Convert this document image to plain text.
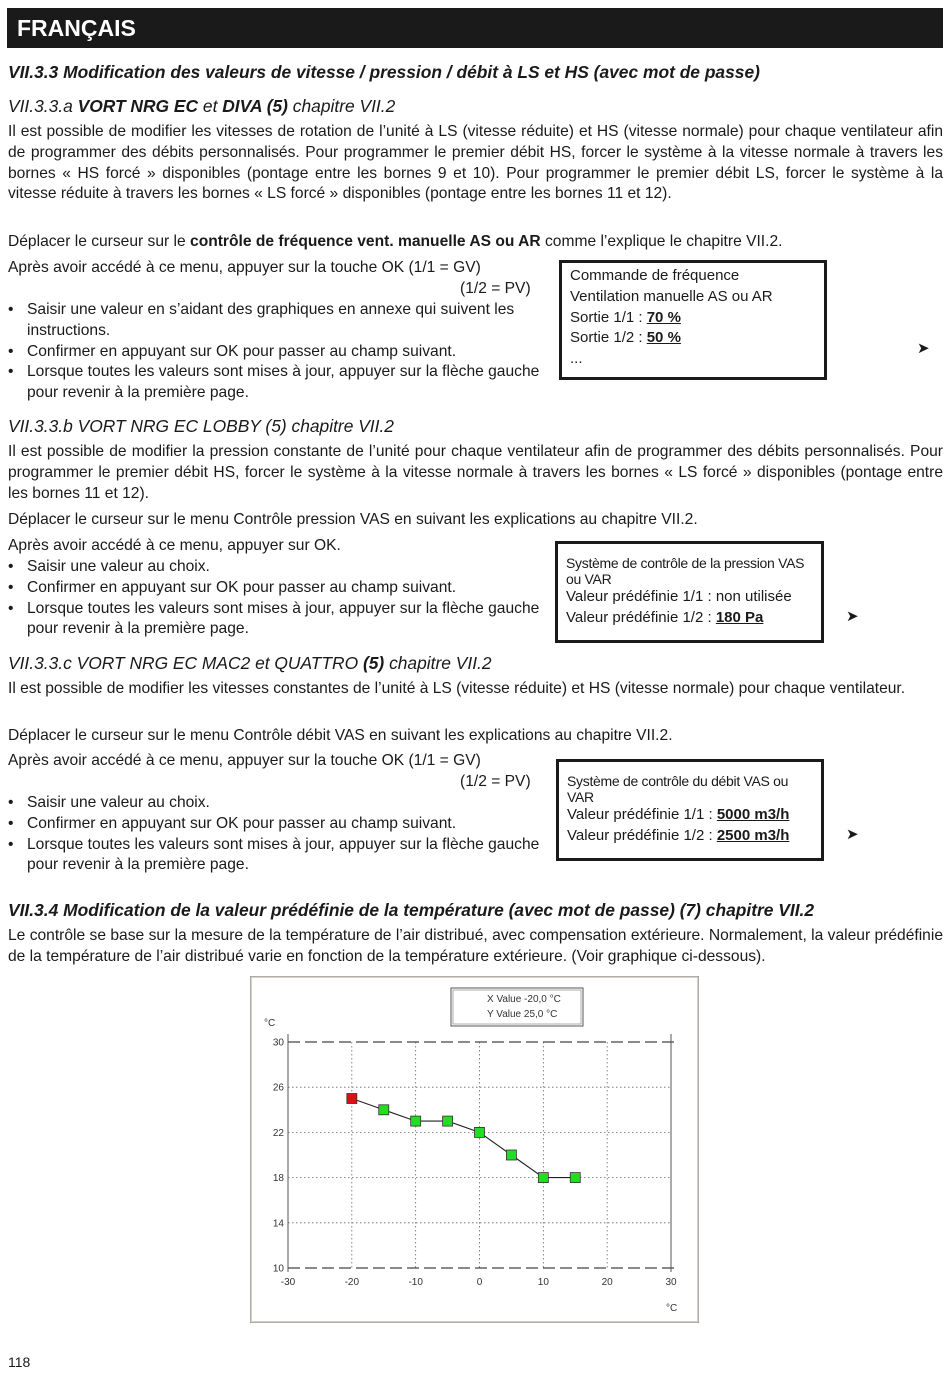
FRANÇAIS
VII.3.3 Modification des valeurs de vitesse / pression / débit à LS et HS (avec mot de passe)
VII.3.3.a VORT NRG EC et DIVA (5) chapitre VII.2
Il est possible de modifier les vitesses de rotation de l’unité à LS (vitesse réduite) et HS (vitesse normale) pour chaque ventilateur afin de programmer des débits personnalisés. Pour programmer le premier débit HS, forcer le système à la vitesse normale à travers les bornes « HS forcé » disponibles (pontage entre les bornes 9 et 10). Pour programmer le premier débit LS, forcer le système à la vitesse réduite à travers les bornes « LS forcé » disponibles (pontage entre les bornes 11 et 12).
Déplacer le curseur sur le contrôle de fréquence vent. manuelle AS ou AR comme l’explique le chapitre VII.2.
Après avoir accédé à ce menu, appuyer sur la touche OK (1/1 = GV)
(1/2 = PV)
• Saisir une valeur en s’aidant des graphiques en annexe qui suivent les instructions.
• Confirmer en appuyant sur OK pour passer au champ suivant.
• Lorsque toutes les valeurs sont mises à jour, appuyer sur la flèche gauche pour revenir à la première page.
Commande de fréquence
Ventilation manuelle AS ou AR
Sortie 1/1 : 70 %
Sortie 1/2 : 50 %
...
➤
VII.3.3.b VORT NRG EC LOBBY (5) chapitre VII.2
Il est possible de modifier la pression constante de l’unité pour chaque ventilateur afin de programmer des débits personnalisés. Pour programmer le premier débit HS, forcer le système à la vitesse normale à travers les bornes « LS forcé » disponibles (pontage entre les bornes 11 et 12).
Déplacer le curseur sur le menu Contrôle pression VAS en suivant les explications au chapitre VII.2.
Après avoir accédé à ce menu, appuyer sur OK.
• Saisir une valeur au choix.
• Confirmer en appuyant sur OK pour passer au champ suivant.
• Lorsque toutes les valeurs sont mises à jour, appuyer sur la flèche gauche pour revenir à la première page.
Système de contrôle de la pression VAS ou VAR
Valeur prédéfinie 1/1 : non utilisée
Valeur prédéfinie 1/2 : 180 Pa	➤
VII.3.3.c VORT NRG EC MAC2 et QUATTRO (5) chapitre VII.2
Il est possible de modifier les vitesses constantes de l’unité à LS (vitesse réduite) et HS (vitesse normale) pour chaque ventilateur.
Déplacer le curseur sur le menu Contrôle débit VAS en suivant les explications au chapitre VII.2.
Après avoir accédé à ce menu, appuyer sur la touche OK (1/1 = GV)
(1/2 = PV)
• Saisir une valeur au choix.
• Confirmer en appuyant sur OK pour passer au champ suivant.
• Lorsque toutes les valeurs sont mises à jour, appuyer sur la flèche gauche pour revenir à la première page.
Système de contrôle du débit VAS ou VAR
Valeur prédéfinie 1/1 : 5000 m3/h
Valeur prédéfinie 1/2 : 2500 m3/h	➤
VII.3.4 Modification de la valeur prédéfinie de la température (avec mot de passe) (7) chapitre VII.2
Le contrôle se base sur la mesure de la température de l’air distribué, avec compensation extérieure. Normalement, la valeur prédéfinie de la température de l’air distribué varie en fonction de la température extérieure. (Voir graphique ci-dessous).
X Value -20,0 °C
Y Value 25,0 °C
10
14
18
22
26
30
-30	-20	-10	0	10	20	30
°C
°C
118
